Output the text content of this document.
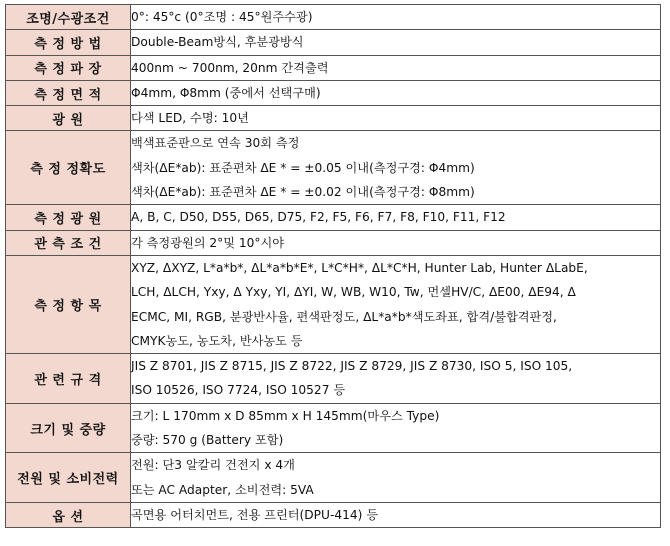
조명/수광조건	0°: 45°c (0°조명 : 45°원주수광)

측 정 방 법	Double-Beam방식, 후분광방식

측 정 파 장	400nm ~ 700nm, 20nm 간격출력

측 정 면 적	Φ4mm, Φ8mm (중에서 선택구매)

광 원	다색 LED, 수명: 10년

측 정 정확도	백색표준판으로 연속 30회 측정
색차(ΔE*ab): 표준편차 ΔE * = ±0.05 이내(측정구경: Φ4mm)
색차(ΔE*ab): 표준편차 ΔE * = ±0.02 이내(측정구경: Φ8mm)

측 정 광 원	A, B, C, D50, D55, D65, D75, F2, F5, F6, F7, F8, F10, F11, F12

관 측 조 건	각 측정광원의 2°및 10°시야

측 정 항 목	XYZ, ΔXYZ, L*a*b*, ΔL*a*b*E*, L*C*H*, ΔL*C*H, Hunter Lab, Hunter ΔLabE,
LCH, ΔLCH, Yxy, Δ Yxy, YI, ΔYI, W, WB, W10, Tw, 먼셀HV/C, ΔE00, ΔE94, Δ
ECMC, MI, RGB, 분광반사율, 편색판정도, ΔL*a*b*색도좌표, 합격/불합격판정,
CMYK농도, 농도차, 반사농도 등

관 련 규 격	JIS Z 8701, JIS Z 8715, JIS Z 8722, JIS Z 8729, JIS Z 8730, ISO 5, ISO 105,
ISO 10526, ISO 7724, ISO 10527 등

크기 및 중량	크기: L 170mm x D 85mm x H 145mm(마우스 Type)
중량: 570 g (Battery 포함)

전원 및 소비전력	전원: 단3 알칼리 건전지 x 4개
또는 AC Adapter, 소비전력: 5VA

옵 션	곡면용 어터치먼트, 전용 프린터(DPU-414) 등
